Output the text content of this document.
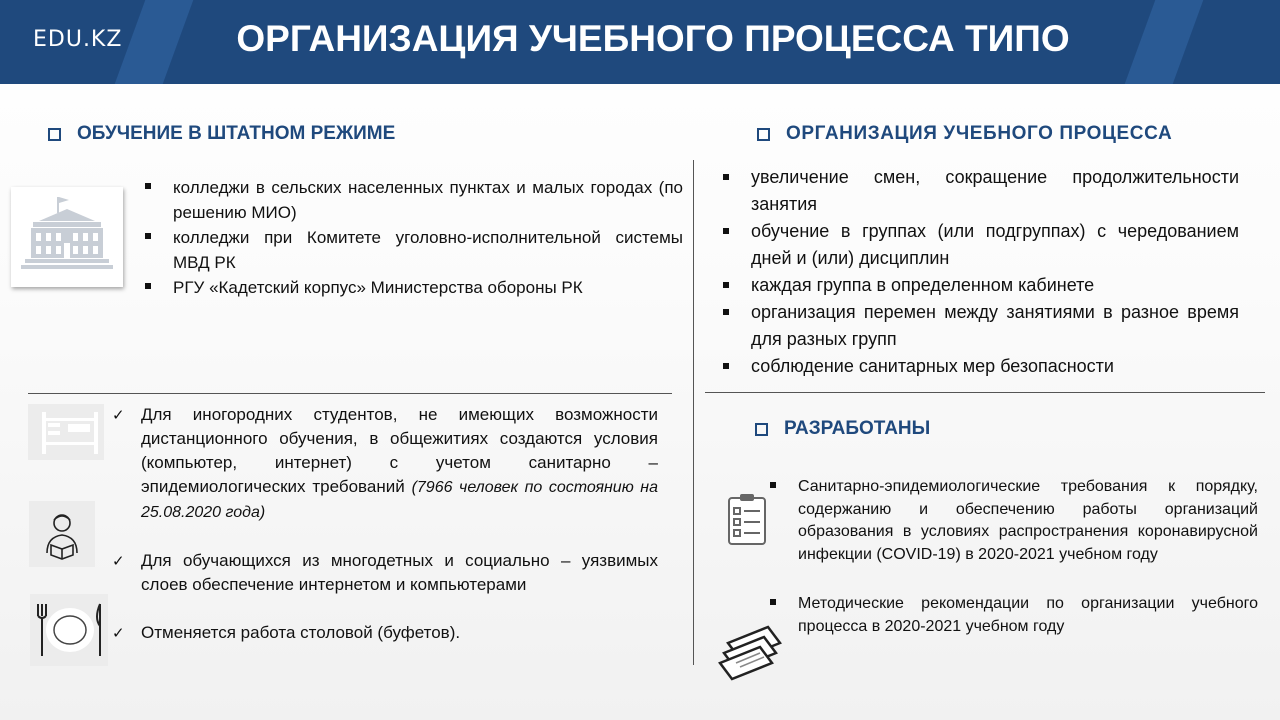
EDU.KZ	ОРГАНИЗАЦИЯ УЧЕБНОГО ПРОЦЕССА ТИПО
ОБУЧЕНИЕ В ШТАТНОМ РЕЖИМЕ	ОРГАНИЗАЦИЯ УЧЕБНОГО ПРОЦЕССА
колледжи в сельских населенных пунктах и малых городах (по решению МИО)
колледжи при Комитете уголовно-исполнительной системы МВД РК
РГУ «Кадетский корпус» Министерства обороны РК
увеличение смен, сокращение продолжительности занятия
обучение в группах (или подгруппах) с чередованием дней и (или) дисциплин
каждая группа в определенном кабинете
организация перемен между занятиями в разное время для разных групп
соблюдение санитарных мер безопасности
✓ Для иногородних студентов, не имеющих возможности дистанционного обучения, в общежитиях создаются условия (компьютер, интернет) с учетом санитарно – эпидемиологических требований (7966 человек по состоянию на 25.08.2020 года)
✓ Для обучающихся из многодетных и социально – уязвимых слоев обеспечение интернетом и компьютерами
✓ Отменяется работа столовой (буфетов).
РАЗРАБОТАНЫ
Санитарно-эпидемиологические требования к порядку, содержанию и обеспечению работы организаций образования в условиях распространения коронавирусной инфекции (COVID-19) в 2020-2021 учебном году
Методические рекомендации по организации учебного процесса в 2020-2021 учебном году
